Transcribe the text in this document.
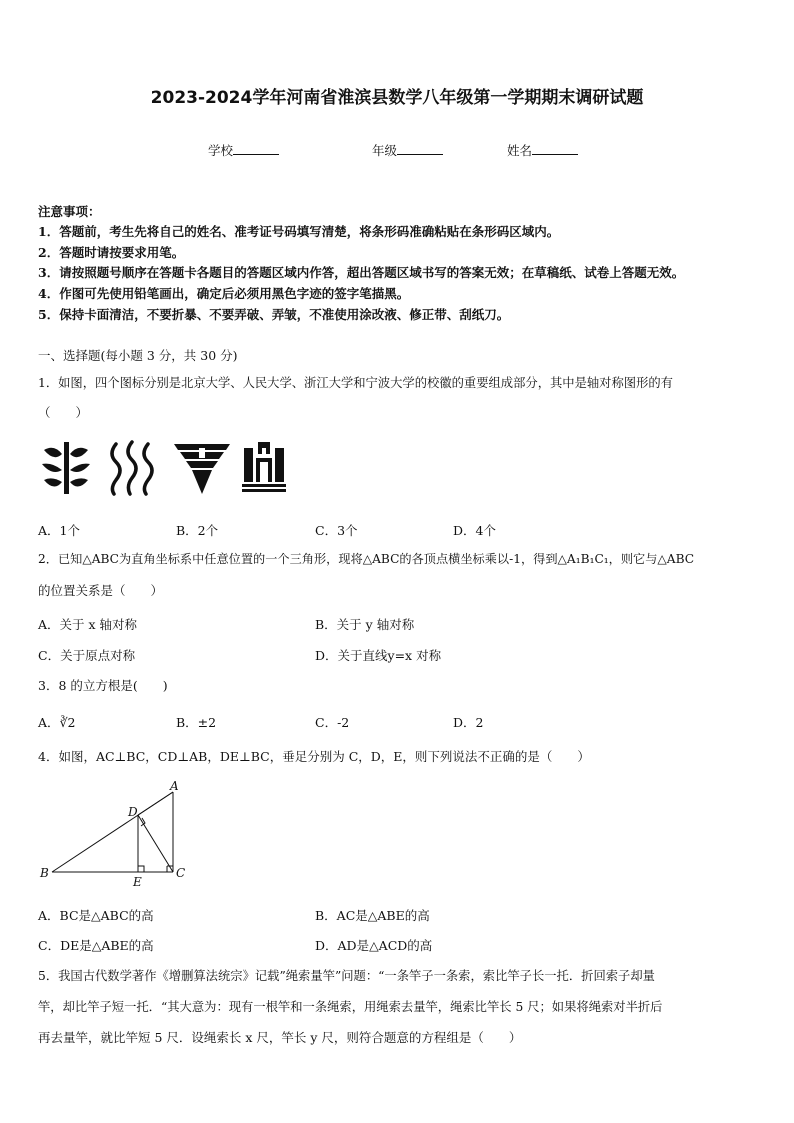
2023-2024学年河南省淮滨县数学八年级第一学期期末调研试题
学校	年级	姓名
注意事项：
1．答题前，考生先将自己的姓名、准考证号码填写清楚，将条形码准确粘贴在条形码区域内。
2．答题时请按要求用笔。
3．请按照题号顺序在答题卡各题目的答题区域内作答，超出答题区域书写的答案无效；在草稿纸、试卷上答题无效。
4．作图可先使用铅笔画出，确定后必须用黑色字迹的签字笔描黑。
5．保持卡面清洁，不要折暴、不要弄破、弄皱，不准使用涂改液、修正带、刮纸刀。
一、选择题(每小题 3 分，共 30 分)
1．如图，四个图标分别是北京大学、人民大学、浙江大学和宁波大学的校徽的重要组成部分，其中是轴对称图形的有
（　　）
A．1个	B．2个	C．3个	D．4个
2．已知△ABC为直角坐标系中任意位置的一个三角形，现将△ABC的各顶点横坐标乘以-1，得到△A₁B₁C₁，则它与△ABC
的位置关系是（　　）
A．关于 x 轴对称	B．关于 y 轴对称
C．关于原点对称	D．关于直线y=x 对称
3．8 的立方根是(　　)
A．∛2	B．±2	C．-2	D．2
4．如图，AC⊥BC，CD⊥AB，DE⊥BC，垂足分别为 C，D，E，则下列说法不正确的是（　　）
A
B	C
D
E
A．BC是△ABC的高	B．AC是△ABE的高
C．DE是△ABE的高	D．AD是△ACD的高
5．我国古代数学著作《增删算法统宗》记载”绳索量竿”问题：“一条竿子一条索，索比竿子长一托．折回索子却量
竿，却比竿子短一托．“其大意为：现有一根竿和一条绳索，用绳索去量竿，绳索比竿长 5 尺；如果将绳索对半折后
再去量竿，就比竿短 5 尺．设绳索长 x 尺，竿长 y 尺，则符合题意的方程组是（　　）
